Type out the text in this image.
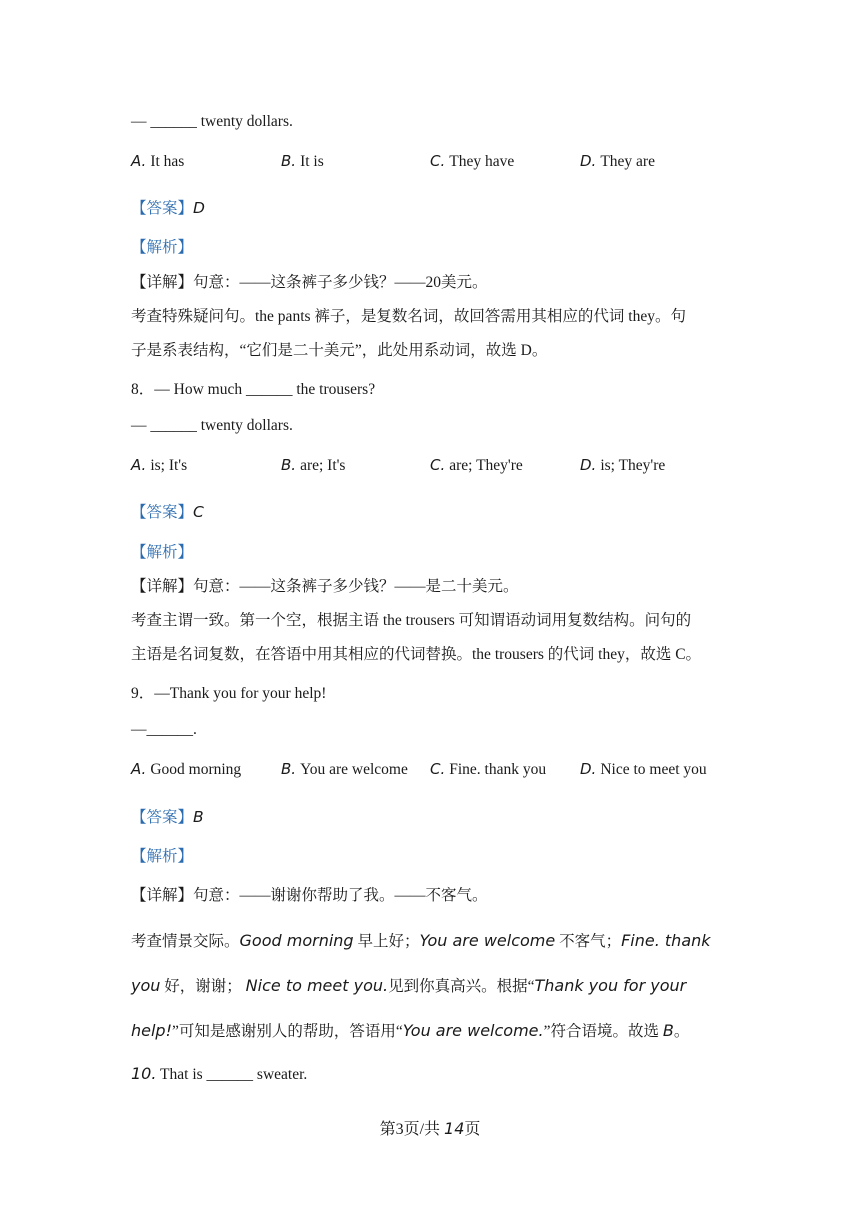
— ______ twenty dollars.
A. It has	B. It is	C. They have	D. They are
【答案】D
【解析】
【详解】句意：——这条裤子多少钱？——20美元。
考查特殊疑问句。the pants 裤子，是复数名词，故回答需用其相应的代词 they。句
子是系表结构，“它们是二十美元”，此处用系动词，故选 D。
8．— How much ______ the trousers?
— ______ twenty dollars.
A. is; It's	B. are; It's	C. are; They're	D. is; They're
【答案】C
【解析】
【详解】句意：——这条裤子多少钱？——是二十美元。
考查主谓一致。第一个空，根据主语 the trousers 可知谓语动词用复数结构。问句的
主语是名词复数，在答语中用其相应的代词替换。the trousers 的代词 they，故选 C。
9．—Thank you for your help!
—______.
A. Good morning	B. You are welcome C. Fine. thank you D. Nice to meet you
【答案】B
【解析】
【详解】句意：——谢谢你帮助了我。——不客气。
考查情景交际。Good morning 早上好；You are welcome 不客气；Fine. thank
you 好，谢谢； Nice to meet you.见到你真高兴。根据“Thank you for your
help!”可知是感谢别人的帮助，答语用“You are welcome.”符合语境。故选 B。
10. That is ______ sweater.
第3页/共 14页
